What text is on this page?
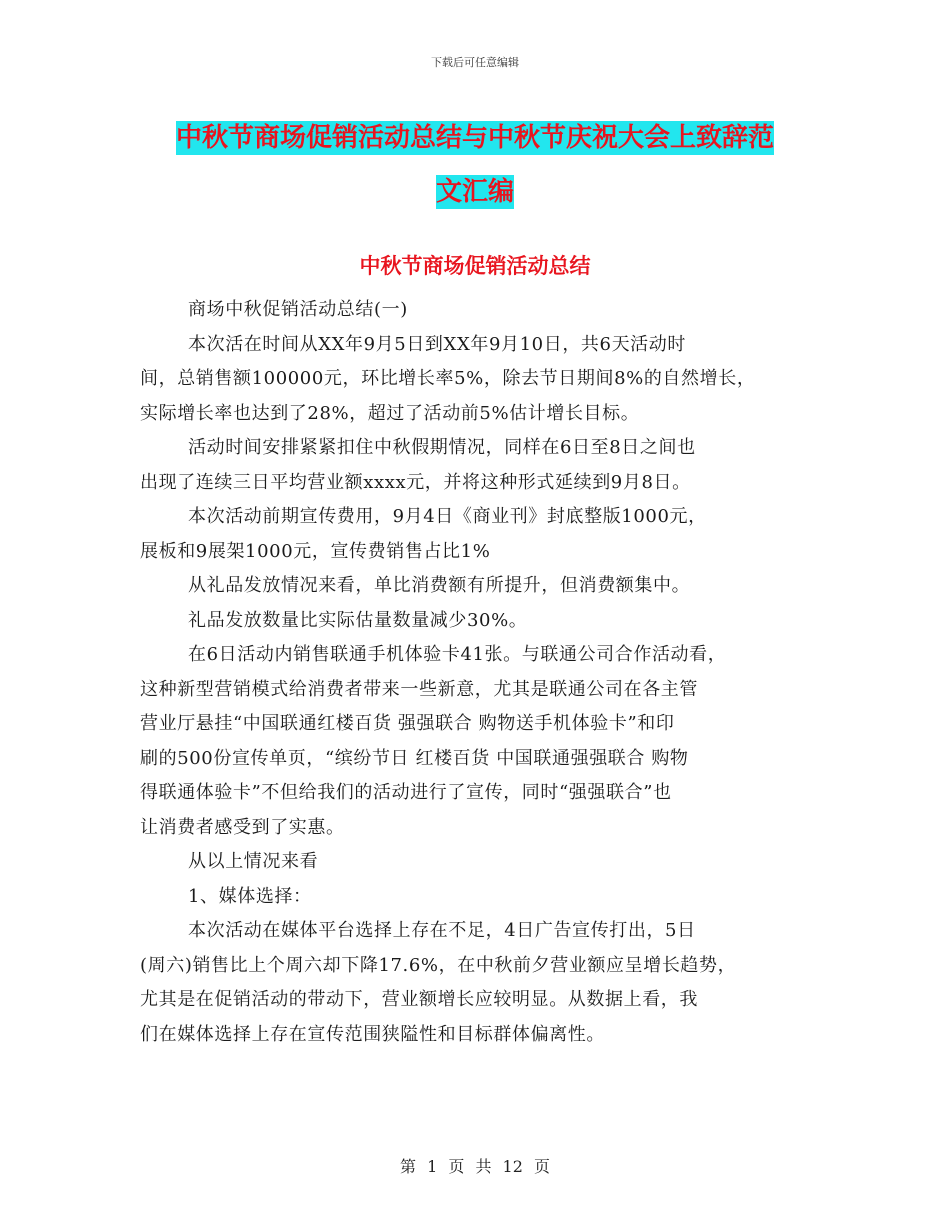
下载后可任意编辑
中秋节商场促销活动总结与中秋节庆祝大会上致辞范
文汇编
中秋节商场促销活动总结

商场中秋促销活动总结(一)

本次活在时间从XX年9月5日到XX年9月10日，共6天活动时

间，总销售额100000元，环比增长率5%，除去节日期间8%的自然增长，

实际增长率也达到了28%，超过了活动前5%估计增长目标。

活动时间安排紧紧扣住中秋假期情况，同样在6日至8日之间也

出现了连续三日平均营业额xxxx元，并将这种形式延续到9月8日。

本次活动前期宣传费用，9月4日《商业刊》封底整版1000元，

展板和9展架1000元，宣传费销售占比1%

从礼品发放情况来看，单比消费额有所提升，但消费额集中。

礼品发放数量比实际估量数量减少30%。

在6日活动内销售联通手机体验卡41张。与联通公司合作活动看，

这种新型营销模式给消费者带来一些新意，尤其是联通公司在各主管

营业厅悬挂“中国联通红楼百货 强强联合 购物送手机体验卡”和印

刷的500份宣传单页，“缤纷节日 红楼百货 中国联通强强联合 购物

得联通体验卡”不但给我们的活动进行了宣传，同时“强强联合”也

让消费者感受到了实惠。

从以上情况来看

1、媒体选择：

本次活动在媒体平台选择上存在不足，4日广告宣传打出，5日

(周六)销售比上个周六却下降17.6%，在中秋前夕营业额应呈增长趋势，

尤其是在促销活动的带动下，营业额增长应较明显。从数据上看，我

们在媒体选择上存在宣传范围狭隘性和目标群体偏离性。

第 1 页 共 12 页
